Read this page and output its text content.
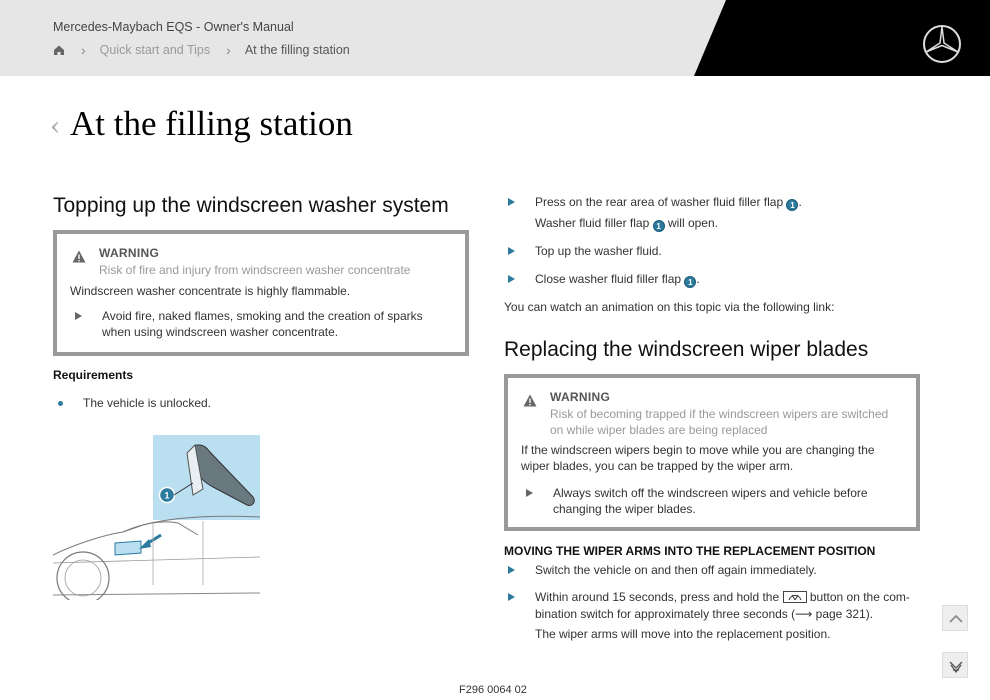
Mercedes-Maybach EQS - Owner's Manual
› Quick start and Tips › At the filling station
‹ At the filling station
Topping up the windscreen washer system
WARNING
Risk of fire and injury from windscreen washer concentrate
Windscreen washer concentrate is highly flammable.
Avoid fire, naked flames, smoking and the creation of sparks
when using windscreen washer concentrate.
Requirements
The vehicle is unlocked.
1
Press on the rear area of washer fluid filler flap 1 .
Washer fluid filler flap 1 will open.
Top up the washer fluid.
Close washer fluid filler flap 1 .
You can watch an animation on this topic via the following link:
Replacing the windscreen wiper blades
WARNING
Risk of becoming trapped if the windscreen wipers are switched
on while wiper blades are being replaced
If the windscreen wipers begin to move while you are changing the
wiper blades, you can be trapped by the wiper arm.
Always switch off the windscreen wipers and vehicle before
changing the wiper blades.
MOVING THE WIPER ARMS INTO THE REPLACEMENT POSITION
Switch the vehicle on and then off again immediately.
Within around 15 seconds, press and hold the	button on the com-
bination switch for approximately three seconds (⟶ page 321).
The wiper arms will move into the replacement position.
F296 0064 02
